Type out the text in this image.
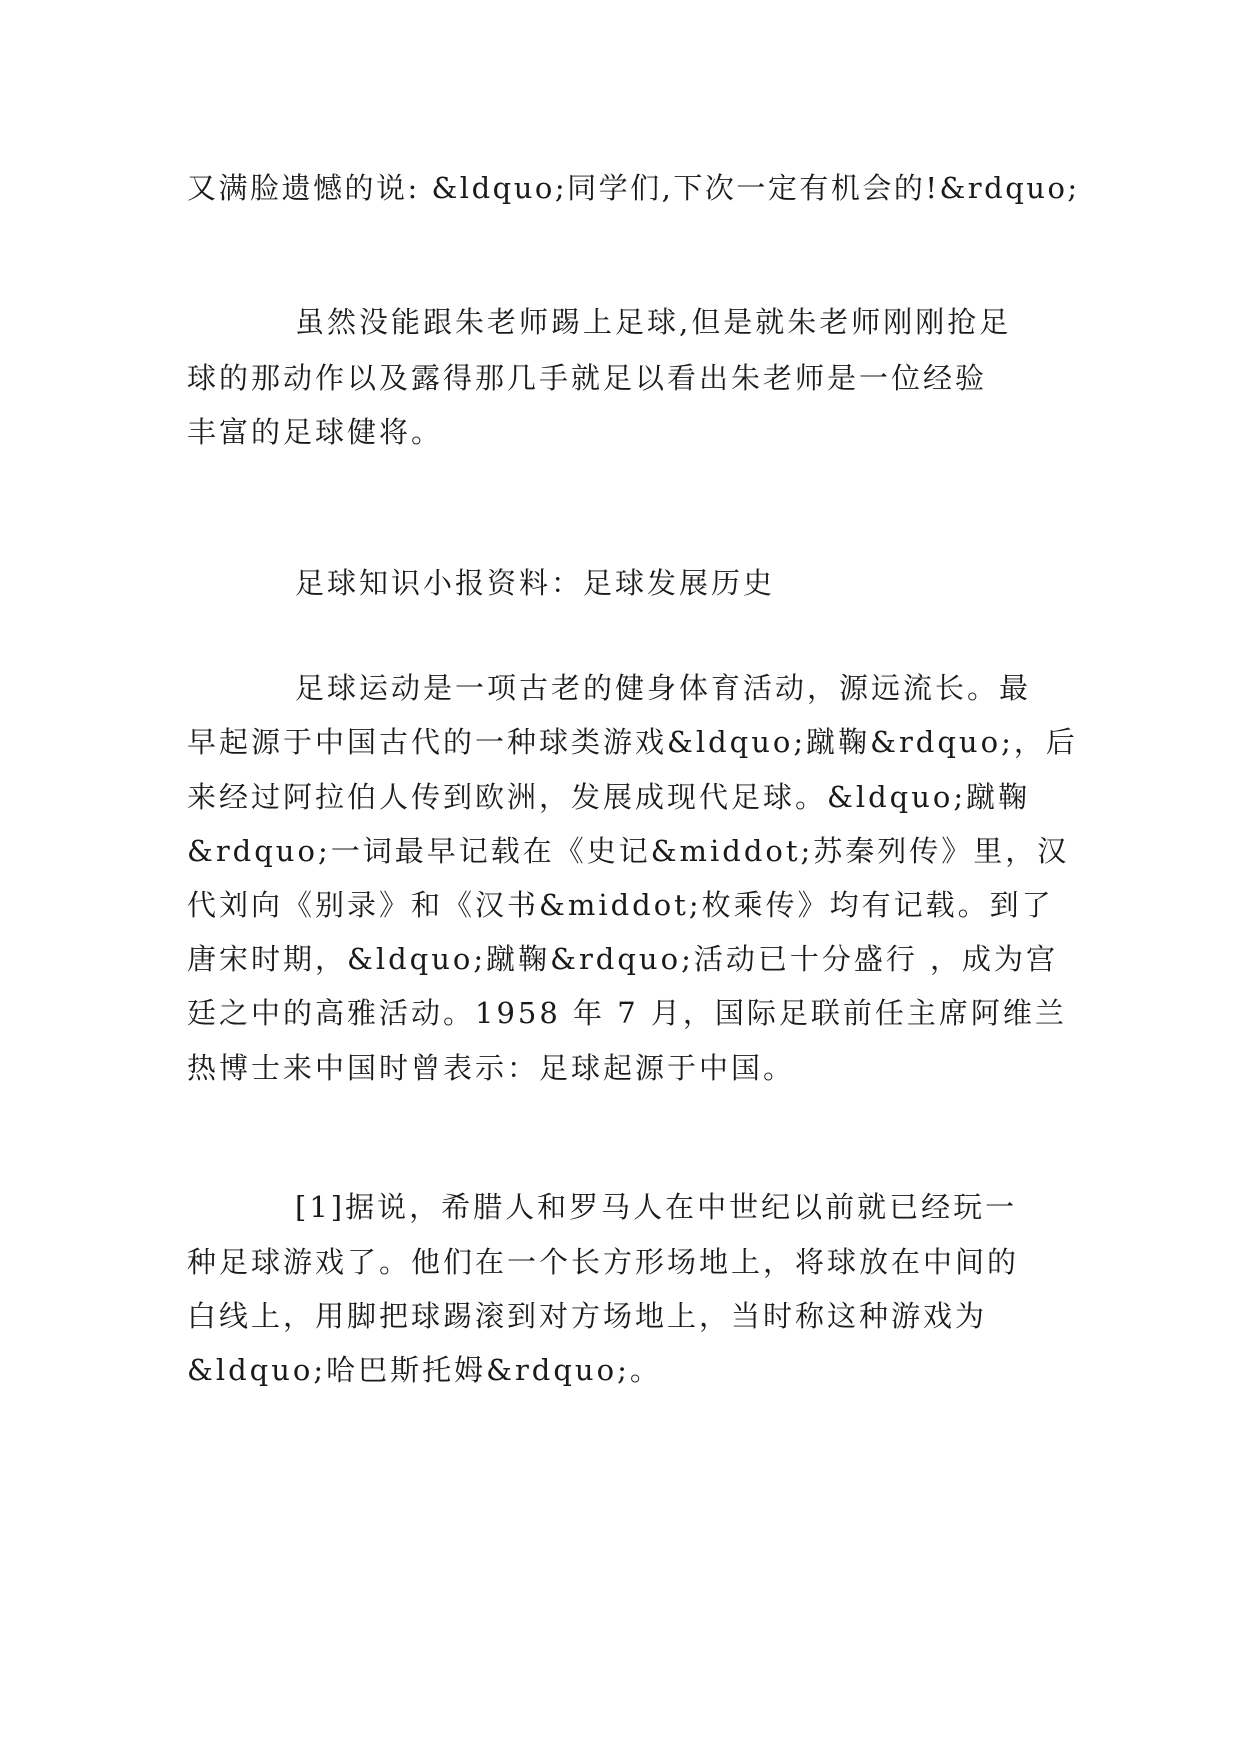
又满脸遗憾的说: &ldquo;同学们,下次一定有机会的!&rdquo;

虽然没能跟朱老师踢上足球,但是就朱老师刚刚抢足

球的那动作以及露得那几手就足以看出朱老师是一位经验

丰富的足球健将。

足球知识小报资料：足球发展历史

足球运动是一项古老的健身体育活动，源远流长。最

早起源于中国古代的一种球类游戏&ldquo;蹴鞠&rdquo;，后

来经过阿拉伯人传到欧洲，发展成现代足球。&ldquo;蹴鞠

&rdquo;一词最早记载在《史记&middot;苏秦列传》里，汉

代刘向《别录》和《汉书&middot;枚乘传》均有记载。到了

唐宋时期，&ldquo;蹴鞠&rdquo;活动已十分盛行 ，成为宫

廷之中的高雅活动。1958 年 7 月，国际足联前任主席阿维兰

热博士来中国时曾表示：足球起源于中国。

[1]据说，希腊人和罗马人在中世纪以前就已经玩一

种足球游戏了。他们在一个长方形场地上，将球放在中间的

白线上，用脚把球踢滚到对方场地上，当时称这种游戏为

&ldquo;哈巴斯托姆&rdquo;。
